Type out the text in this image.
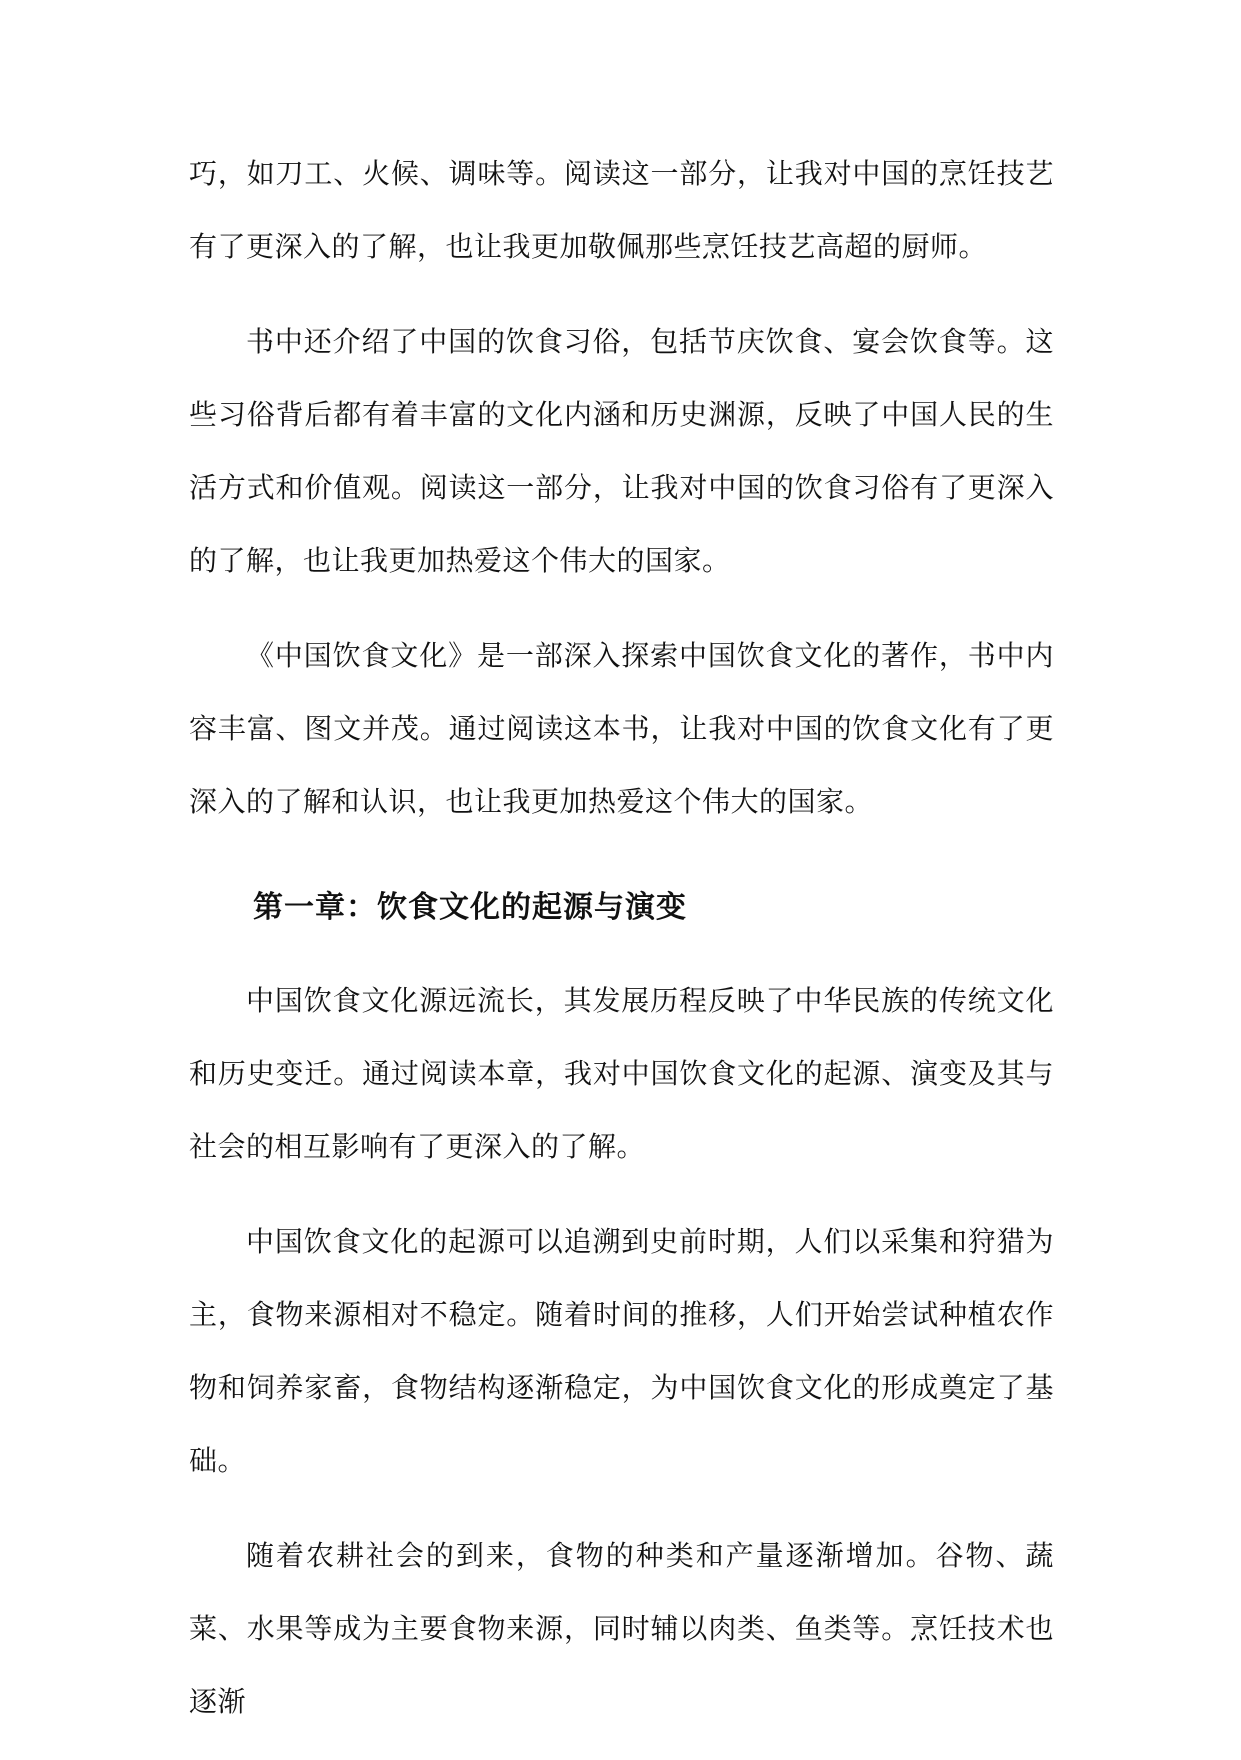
巧，如刀工、火候、调味等。阅读这一部分，让我对中国的烹饪技艺有了更深入的了解，也让我更加敬佩那些烹饪技艺高超的厨师。

书中还介绍了中国的饮食习俗，包括节庆饮食、宴会饮食等。这些习俗背后都有着丰富的文化内涵和历史渊源，反映了中国人民的生活方式和价值观。阅读这一部分，让我对中国的饮食习俗有了更深入的了解，也让我更加热爱这个伟大的国家。

《中国饮食文化》是一部深入探索中国饮食文化的著作，书中内容丰富、图文并茂。通过阅读这本书，让我对中国的饮食文化有了更深入的了解和认识，也让我更加热爱这个伟大的国家。

第一章：饮食文化的起源与演变

中国饮食文化源远流长，其发展历程反映了中华民族的传统文化和历史变迁。通过阅读本章，我对中国饮食文化的起源、演变及其与社会的相互影响有了更深入的了解。

中国饮食文化的起源可以追溯到史前时期，人们以采集和狩猎为主，食物来源相对不稳定。随着时间的推移，人们开始尝试种植农作物和饲养家畜，食物结构逐渐稳定，为中国饮食文化的形成奠定了基础。

随着农耕社会的到来，食物的种类和产量逐渐增加。谷物、蔬菜、水果等成为主要食物来源，同时辅以肉类、鱼类等。烹饪技术也逐渐
